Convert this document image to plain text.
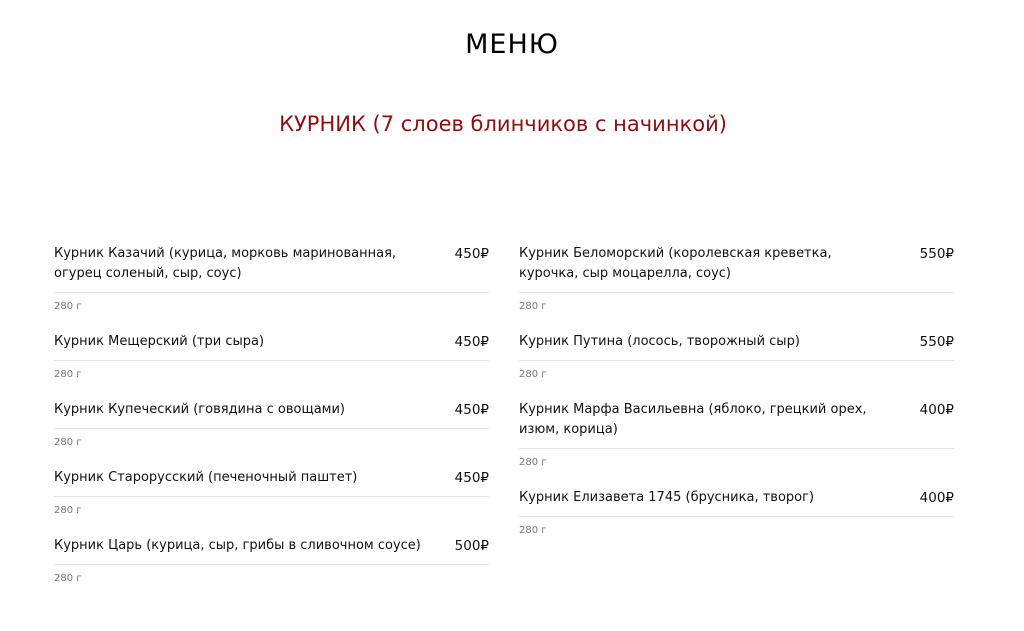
МЕНЮ
КУРНИК (7 слоев блинчиков с начинкой)
Курник Казачий (курица, морковь маринованная, огурец соленый, сыр, соус)
450₽
280 г
Курник Мещерский (три сыра)	450₽
280 г
Курник Купеческий (говядина с овощами)	450₽
280 г
Курник Старорусский (печеночный паштет)	450₽
280 г
Курник Царь (курица, сыр, грибы в сливочном соусе)	500₽
280 г
Курник Беломорский (королевская креветка, курочка, сыр моцарелла, соус)
550₽
280 г
Курник Путина (лосось, творожный сыр)	550₽
280 г
Курник Марфа Васильевна (яблоко, грецкий орех, изюм, корица)
400₽
280 г
Курник Елизавета 1745 (брусника, творог)	400₽
280 г
